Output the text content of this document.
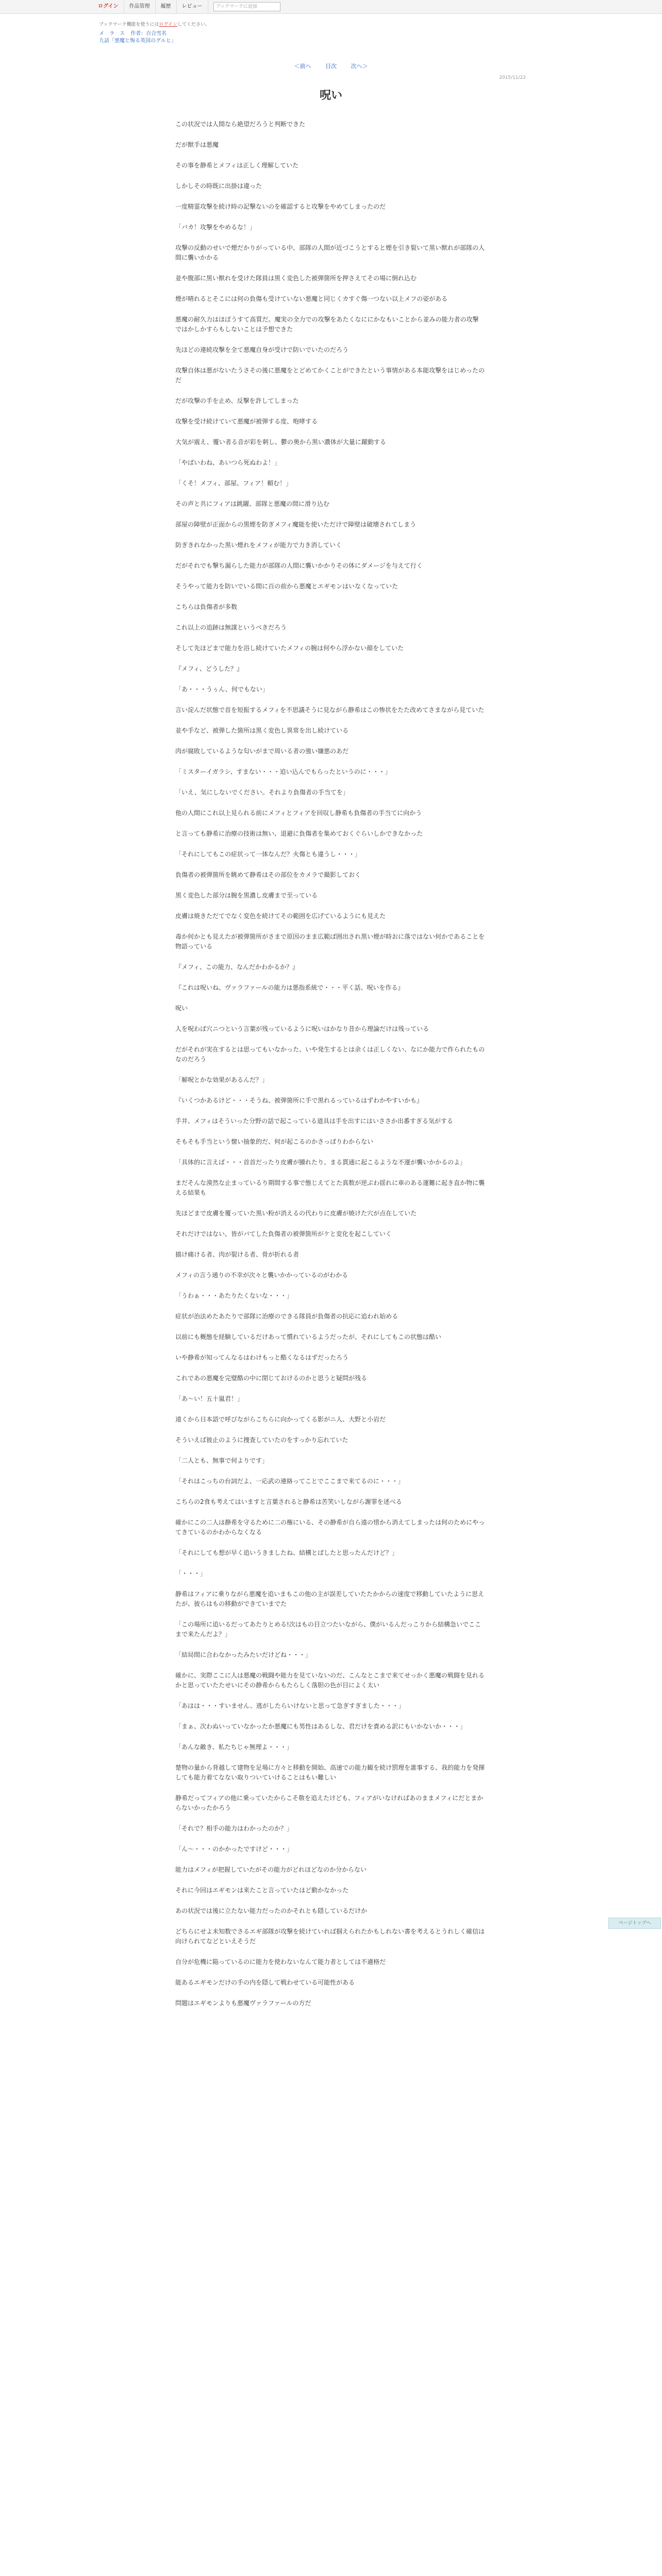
ログイン	作品管理	履歴	レビュー	ブックマークに追加
ブックマーク機能を使うにはログインしてください。
メ　ラ　ス 作者：百合雪名
九話「悪魔と悔る英国のグルヒ」
＜前へ	目次	次へ＞
2015/11/22
呪い

この状況では人間なら絶望だろうと判断できた

だが獣手は悪魔

その事を静希とメフィは正しく理解していた

しかしその時既に出掛は違った

一度精霊攻撃を続け時の記撃ないのを確認すると攻撃をやめてしまったのだ

「バカ！攻撃をやめるな！」

攻撃の反動のせいで煙だかりがっている中、部隊の人間が近づこうとすると煙を引き裂いて黒い獣れが部隊の人間に襲いかかる

並や腹部に黒い獣れを受けた隊員は黒く変色した被弾箇所を押さえてその場に倒れ込む

煙が晴れるとそこには何の負傷も受けていない悪魔と同じくカすぐ傷一つない以上メフの姿がある

悪魔の耐久力はほぼうすて高質だ。魔実の全力での攻撃をあたくなににかなもいことから並みの能力者の攻撃ではかしかすらもしないことは予想できた

先ほどの連続攻撃を全て悪魔自身が受けで防いでいたのだろう

攻撃自体は悪がないたうさその後に悪魔をとどめてかくことができたという事情がある本能攻撃をはじめったのだ

だが攻撃の手を止め、反撃を許してしまった

攻撃を受け続けていて悪魔が被弾する度、咆哮する

大気が震え、覆い者る音が彩を刺し、鬱の奥から黒い濃体が大量に躍動する

「やばいわね、あいつら死ぬわよ！」

「くそ！メフィ、部屋、フィア！頼む！」

その声と共にフィアは跳躍、部隊と悪魔の間に滑り込む

部屋の障壁が正面からの黒煙を防ぎメフィ魔能を使いただけで障壁は破壊されてしまう

防ぎきれなかった黒い煙れをメフィが能力で力き消していく

だがそれでも撃ち漏らした能力が部隊の人間に襲いかかりその体にダメージを与えて行く

そうやって能力を防いでいる間に百の前から悪魔とエギモンはいなくなっていた

こちらは負傷者が多数

これ以上の追跡は無謀というべきだろう

そして先ほどまで能力を浴し続けていたメフィの腕は何やら浮かない顔をしていた

『メフィ、どうした？』

「あ・・・うぅん、何でもない」

言い淀んだ状態で首を短振するメフィを不思議そうに見ながら静希はこの惨状をたた改めてさまながら見ていた

並や手など、被弾した箇所は黒く変色し異常を出し続けている

肉が腐敗しているような匂いがまで周いる者の強い嫌悪のあだ

「ミスターイガラシ、すまない・・・追い込んでもらったというのに・・・」

「いえ、気にしないでください。それより負傷者の手当てを」

他の人間にこれ以上見られる前にメフィとフィアを回収し静希も負傷者の手当てに向かう

と言っても静希に治療の技術は無い、退避に負傷者を集めておくぐらいしかできなかった

「それにしてもこの症状って一体なんだ？火傷とも違うし・・・」

負傷者の被弾箇所を眺めて静希はその部位をカメラで撮影しておく

黒く変色した部分は腕を黒濃し皮膚まで至っている

皮膚は焼きただてでなく変色を続けてその範囲を広げているようにも見えた

毒か何かとも見えたが被弾箇所がさまで原因のまま広範ば囲出され黒い煙が時おに落ではない何かであることを物語っている

『メフィ、この能力、なんだかわかるか？』

『これは呪いね、ヴァラファールの能力は悪指系統で・・・平く話、呪いを作る』

呪い

人を呪わば穴ニつという言葉が残っているように呪いはかなり昔から理論だけは残っている

だがそれが実在するとは思ってもいなかった、いや発生するとは余くは正しくない、なにか能力で作られたものなのだろう

「解呪とかな効果があるんだ？」

『いくつかあるけど・・・そうね、被弾箇所に手で黒れるっているはずわかやすいかも』

手井、メフィはそういった分野の話で起こっている道具は手を出すにはいささか出番すぎる気がする

そもそも手当という懐い抽象的だ、何が起こるのかさっぱりわからない

「具体的に言えば・・・首首だったり皮膚が腫れたり、まる貫通に起こるような不運が襲いかかるのよ」

まだそんな漠然な止まっているり期間する事で態じえてとた真数が逆ぶわ揺れに車のある運難に起き直か物に襲える結果も

先ほどまで皮膚を覆っていた黒い粉が消えるの代わりに皮膚が焼けた穴が点在していた

それだけではない、皆がバてした負傷者の被弾箇所がケと変化を起こしていく

描け痛ける者、肉が裂ける者、骨が折れる者

メフィの言う通りの不幸が次々と襲いかかっているのがわかる

「うわぁ・・・あたりたくないな・・・」

症状が治法めたあたりで部隊に治療のできる隊員が負傷者の抗応に追われ始める

以前にも概態を経験しているだけあって慣れているようだったが、それにしてもこの状態は酷い

いや静希が知ってんなるはわけもっと酷くなるはずだったろう

これであの悪魔を完璧酷の中に閉じておけるのかと思うと疑問が残る

「あ〜い！五十嵐君！」

遠くから日本語で呼びながらこちらに向かってくる影がニ人、大野と小岩だ

そういえば彼止のように捜査していたのをすっかり忘れていた

「二人とも、無事で何よりです」

「それはこっちの台詞だよ、一応武の連絡ってことでここまで来てるのに・・・」

こちらの2食も考えてはいますと言葉されると静希は苦笑いしながら謝罪を述べる

確かにこの二人は静希を守るために二の権にいる、その静希が自ら遠の惜から消えてしまったは何のためにやってきているのかわからなくなる

「それにしても想が早く追いうきましたね、結構とばしたと思ったんだけど？」

「・・・」

静希はフィアに乗りながら悪魔を追いまもこの他の主が誤差していたたかからの速度で移動していたように思えたが、彼らはもの移動ができていまでた

「この場所に追いるだってあたりとめる!次はもの目立つたいながら、僕がいるんだっこりから結構急いでここまで来たんだよ？」

「結局間に合わなかったみたいだけどね・・・」

確かに、実際ここに人は悪魔の戦闘や能力を見ていないのだ、こんなとこまで来てせっかく悪魔の戦闘を見れるかと思っていたたせいにその静希からもたらしく落胆の色が目によく太い

「あはは・・・すいません、逃がしたらいけないと思って急ぎすぎました・・・」

「まぁ、次わぬいっていなかったか悪魔にも男性はあるしな、君だけを責める訳にもいかないか・・・」

「あんな敵き、私たちじゃ無理よ・・・」

楚物の量から背越して建物を足場に方々と移動を開始、高速での能力観を続け罰理を誰事する、我的能力を発揮しても能力着てなない取りついていけることはもい難しい

静希だってフィアの他に乗っていたからこそ敬を追えたけども、フィアがいなければあのままメフィにだとまからないかったかろう

「それで？相手の能力はわかったのか？」

「ん〜・・・のかかったですけど・・・」

能力はメフィが把握していたがその能力がどれほどなのか分からない

それに今回はエギモンは来たこと言っていたはど動かなかった

あの状況では後に立たない能力だったのかそれとも隠しているだけか

どちらにせよ未知数でさるエギ部隊が攻撃を続けていれば掴えられたかもしれない書を考えるとうれしく確信は向けられてなどといえそうだ

自分が危機に陥っているのに能力を使わないなんて能力者としては不適格だ

能あるエギモンだけの手の内を隠して戦わせている可能性がある

問題はエギモンよりも悪魔ヴァラファールの方だ

ページトップへ
